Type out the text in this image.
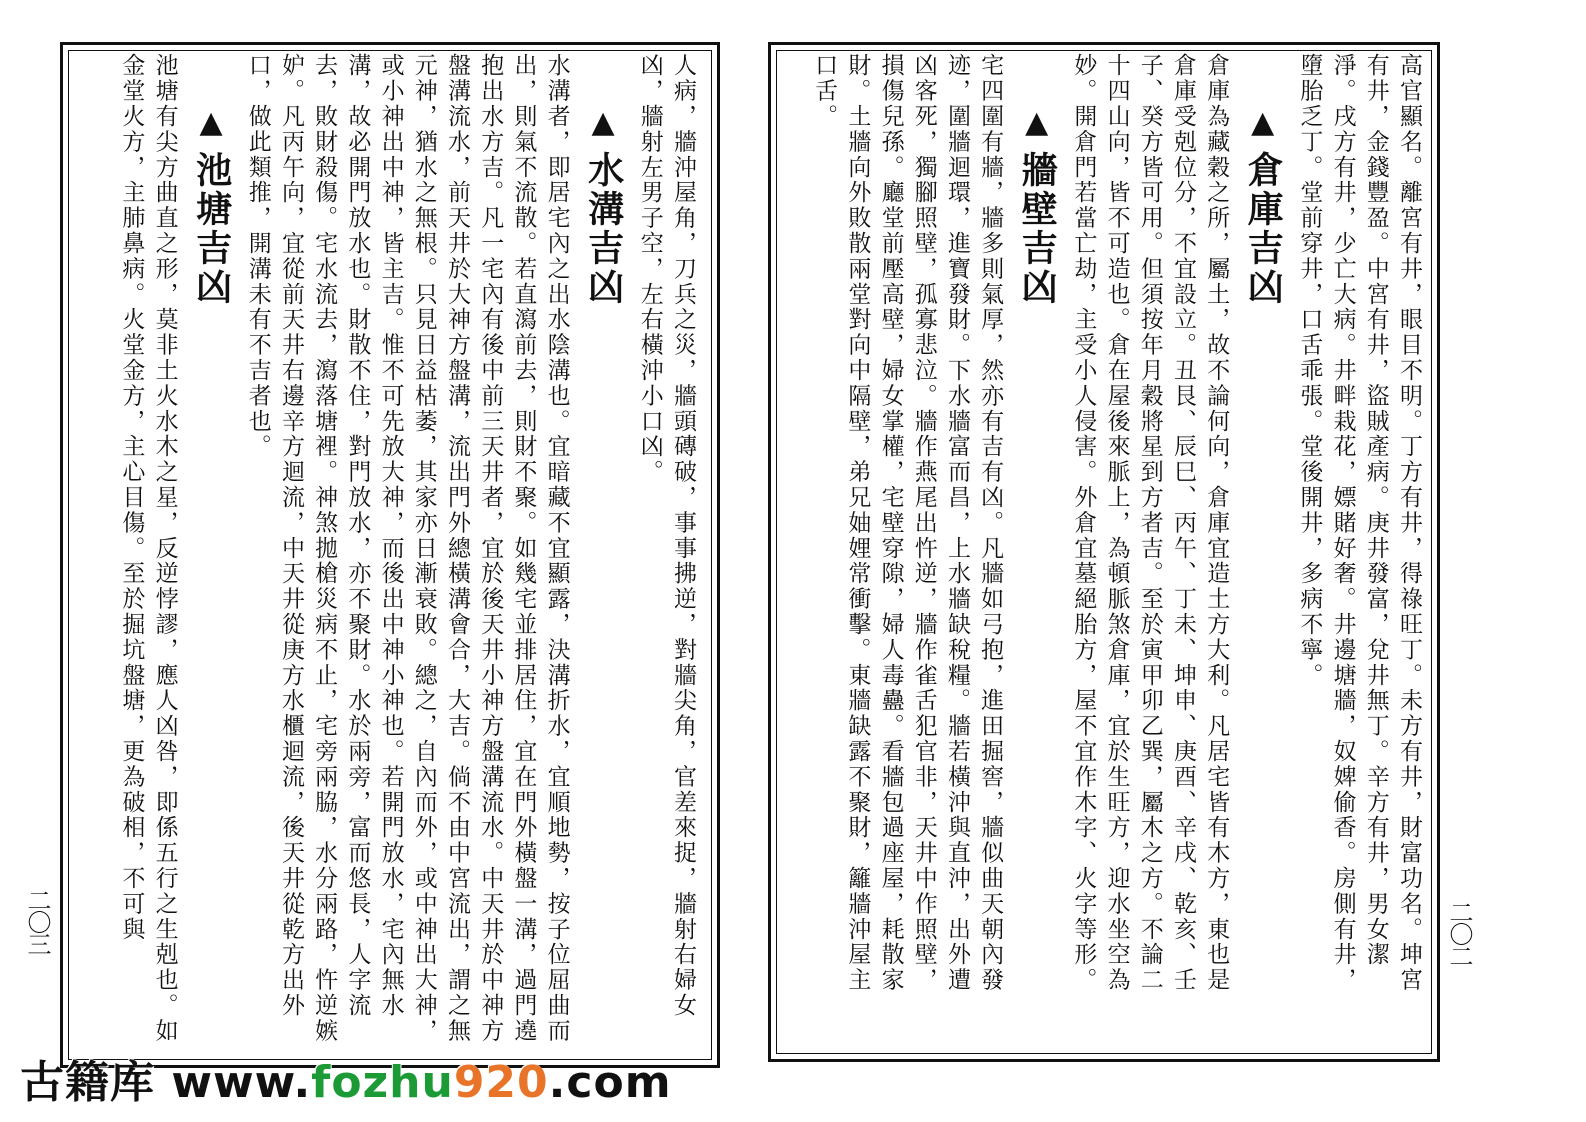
人病，牆沖屋角，刀兵之災，牆頭磚破，事事拂逆，對牆尖角，官差來捉，牆射右婦女凶，牆射左男子空，左右橫沖小口凶。

▲水溝吉凶

水溝者，即居宅內之出水陰溝也。宜暗藏不宜顯露，決溝折水，宜順地勢，按子位屈曲而出，則氣不流散。若直瀉前去，則財不聚。如幾宅並排居住，宜在門外橫盤一溝，過門遶抱出水方吉。凡一宅內有後中前三天井者，宜於後天井小神方盤溝流水。中天井於中神方盤溝流水，前天井於大神方盤溝，流出門外總橫溝會合，大吉。倘不由中宮流出，謂之無元神，猶水之無根。只見日益枯萎，其家亦日漸衰敗。總之，自內而外，或中神出大神，或小神出中神，皆主吉。惟不可先放大神，而後出中神小神也。若開門放水，宅內無水溝，故必開門放水也。財散不住，對門放水，亦不聚財。水於兩旁，富而悠長，人字流去，敗財殺傷。宅水流去，瀉落塘裡。神煞拋槍災病不止，宅旁兩脇，水分兩路，忤逆嫉妒。凡丙午向，宜從前天井右邊辛方迴流，中天井從庚方水櫃迴流，後天井從乾方出外口，做此類推，開溝未有不吉者也。

▲池塘吉凶

池塘有尖方曲直之形，莫非土火水木之星，反逆悖謬，應人凶咎，即係五行之生剋也。如金堂火方，主肺鼻病。火堂金方，主心目傷。至於掘坑盤塘，更為破相，不可與

二〇三	高官顯名。離宮有井，眼目不明。丁方有井，得祿旺丁。未方有井，財富功名。坤宮有井，金錢豐盈。中宮有井，盜賊產病。庚井發富，兌井無丁。辛方有井，男女潔淨。戌方有井，少亡大病。井畔栽花，嫖賭好奢。井邊塘牆，奴婢偷香。房側有井，墮胎乏丁。堂前穿井，口舌乖張。堂後開井，多病不寧。

▲倉庫吉凶

倉庫為藏穀之所，屬土，故不論何向，倉庫宜造土方大利。凡居宅皆有木方，東也是倉庫受剋位分，不宜設立。丑艮、辰巳、丙午、丁未、坤申、庚酉、辛戌、乾亥、壬子、癸方皆可用。但須按年月穀將星到方者吉。至於寅甲卯乙巽，屬木之方。不論二十四山向，皆不可造也。倉在屋後來脈上，為頓脈煞倉庫，宜於生旺方，迎水坐空為妙。開倉門若當亡劫，主受小人侵害。外倉宜墓絕胎方，屋不宜作木字、火字等形。

▲牆壁吉凶

宅四圍有牆，牆多則氣厚，然亦有吉有凶。凡牆如弓抱，進田掘窖，牆似曲天朝內發迹，圍牆迴環，進寶發財。下水牆富而昌，上水牆缺稅糧。牆若橫沖與直沖，出外遭凶客死，獨腳照壁，孤寡悲泣。牆作燕尾出忤逆，牆作雀舌犯官非，天井中作照壁，損傷兒孫。廳堂前壓高壁，婦女掌權，宅壁穿隙，婦人毒蠱。看牆包過座屋，耗散家財。土牆向外敗散兩堂對向中隔壁，弟兄妯娌常衝擊。東牆缺露不聚財，籬牆沖屋主口舌。

二〇二
古籍库 www.fozhu920.com
